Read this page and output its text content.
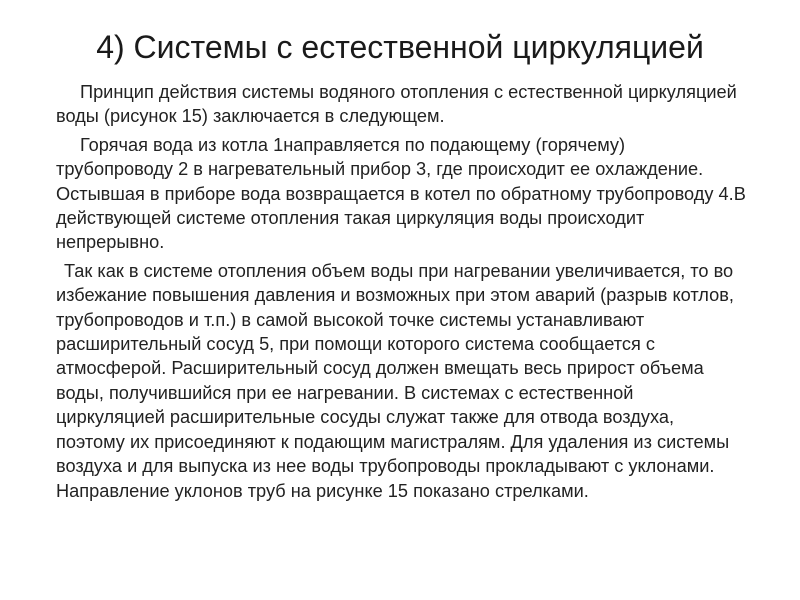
4) Системы с естественной циркуляцией

Принцип действия системы водяного отопления с естественной циркуляцией воды (рисунок 15) заключается в следующем.

Горячая вода из котла 1направляется по подающему (горячему) трубопроводу 2 в нагревательный прибор 3, где происходит ее охлаждение. Остывшая в приборе вода возвращается в котел по обратному трубопроводу 4.В действующей системе отопления такая циркуляция воды происходит непрерывно.

Так как в системе отопления объем воды при нагревании увеличивается, то во избежание повышения давления и возможных при этом аварий (разрыв котлов, трубопроводов и т.п.) в самой высокой точке системы устанавливают расширительный сосуд 5, при помощи которого система сообщается с атмосферой. Расширительный сосуд должен вмещать весь прирост объема воды, получившийся при ее нагревании. В системах с естественной циркуляцией расширительные сосуды служат также для отвода воздуха, поэтому их присоединяют к подающим магистралям. Для удаления из системы воздуха и для выпуска из нее воды трубопроводы прокладывают с уклонами. Направление уклонов труб на рисунке 15 показано стрелками.
